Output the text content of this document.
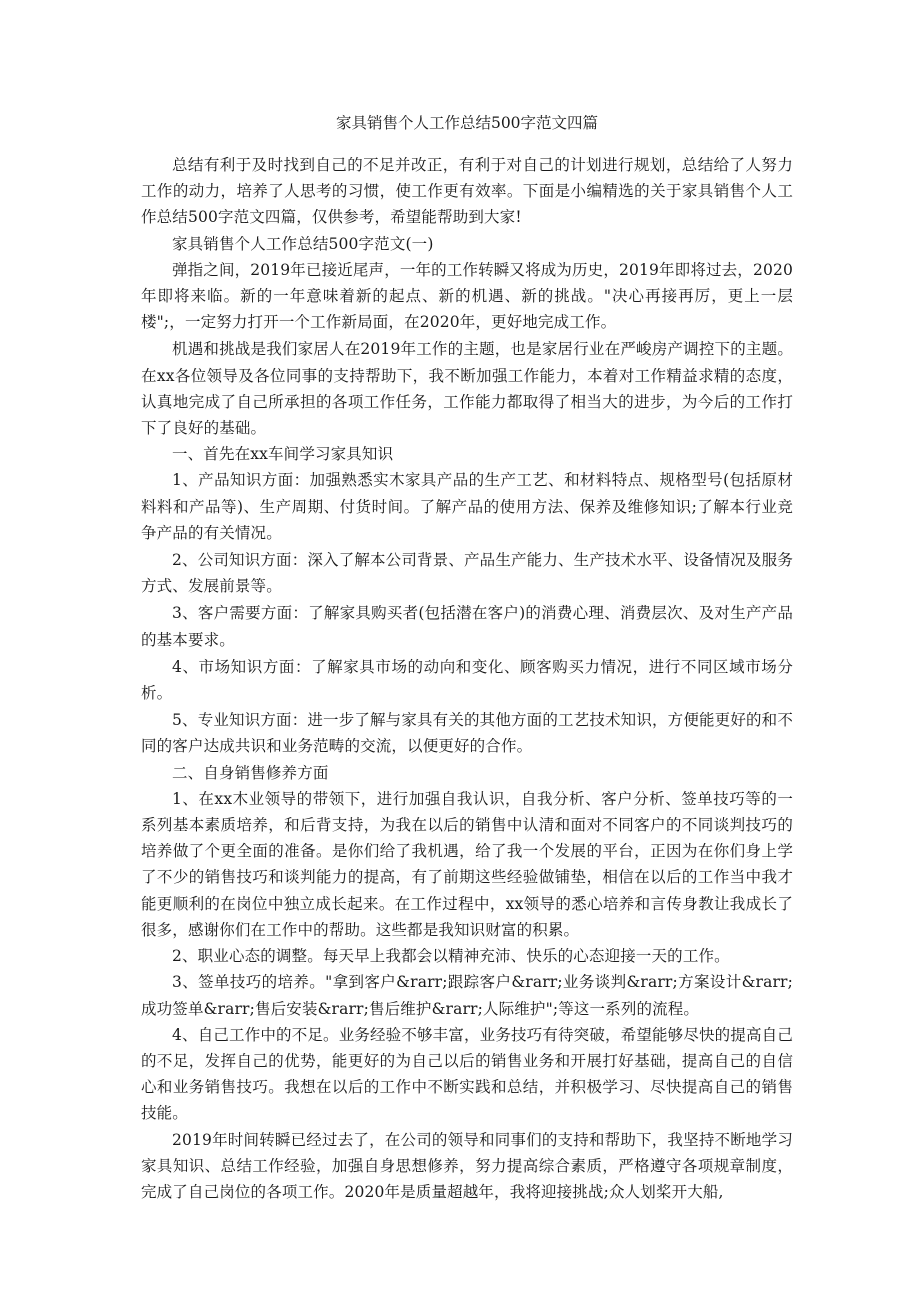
家具销售个人工作总结500字范文四篇

总结有利于及时找到自己的不足并改正，有利于对自己的计划进行规划，总结给了人努力工作的动力，培养了人思考的习惯，使工作更有效率。下面是小编精选的关于家具销售个人工作总结500字范文四篇，仅供参考，希望能帮助到大家!

家具销售个人工作总结500字范文(一)

弹指之间，2019年已接近尾声，一年的工作转瞬又将成为历史，2019年即将过去，2020年即将来临。新的一年意味着新的起点、新的机遇、新的挑战。"决心再接再厉，更上一层楼";，一定努力打开一个工作新局面，在2020年，更好地完成工作。

机遇和挑战是我们家居人在2019年工作的主题，也是家居行业在严峻房产调控下的主题。在xx各位领导及各位同事的支持帮助下，我不断加强工作能力，本着对工作精益求精的态度，认真地完成了自己所承担的各项工作任务，工作能力都取得了相当大的进步，为今后的工作打下了良好的基础。

一、首先在xx车间学习家具知识

1、产品知识方面：加强熟悉实木家具产品的生产工艺、和材料特点、规格型号(包括原材料料和产品等)、生产周期、付货时间。了解产品的使用方法、保养及维修知识;了解本行业竞争产品的有关情况。

2、公司知识方面：深入了解本公司背景、产品生产能力、生产技术水平、设备情况及服务方式、发展前景等。

3、客户需要方面：了解家具购买者(包括潜在客户)的消费心理、消费层次、及对生产产品的基本要求。

4、市场知识方面：了解家具市场的动向和变化、顾客购买力情况，进行不同区域市场分析。

5、专业知识方面：进一步了解与家具有关的其他方面的工艺技术知识，方便能更好的和不同的客户达成共识和业务范畴的交流，以便更好的合作。

二、自身销售修养方面

1、在xx木业领导的带领下，进行加强自我认识，自我分析、客户分析、签单技巧等的一系列基本素质培养，和后背支持，为我在以后的销售中认清和面对不同客户的不同谈判技巧的培养做了个更全面的准备。是你们给了我机遇，给了我一个发展的平台，正因为在你们身上学了不少的销售技巧和谈判能力的提高，有了前期这些经验做铺垫，相信在以后的工作当中我才能更顺利的在岗位中独立成长起来。在工作过程中，xx领导的悉心培养和言传身教让我成长了很多，感谢你们在工作中的帮助。这些都是我知识财富的积累。

2、职业心态的调整。每天早上我都会以精神充沛、快乐的心态迎接一天的工作。

3、签单技巧的培养。"拿到客户&rarr;跟踪客户&rarr;业务谈判&rarr;方案设计&rarr;成功签单&rarr;售后安装&rarr;售后维护&rarr;人际维护";等这一系列的流程。

4、自己工作中的不足。业务经验不够丰富，业务技巧有待突破，希望能够尽快的提高自己的不足，发挥自己的优势，能更好的为自己以后的销售业务和开展打好基础，提高自己的自信心和业务销售技巧。我想在以后的工作中不断实践和总结，并积极学习、尽快提高自己的销售技能。

2019年时间转瞬已经过去了，在公司的领导和同事们的支持和帮助下，我坚持不断地学习家具知识、总结工作经验，加强自身思想修养，努力提高综合素质，严格遵守各项规章制度，完成了自己岗位的各项工作。2020年是质量超越年，我将迎接挑战;众人划桨开大船,
